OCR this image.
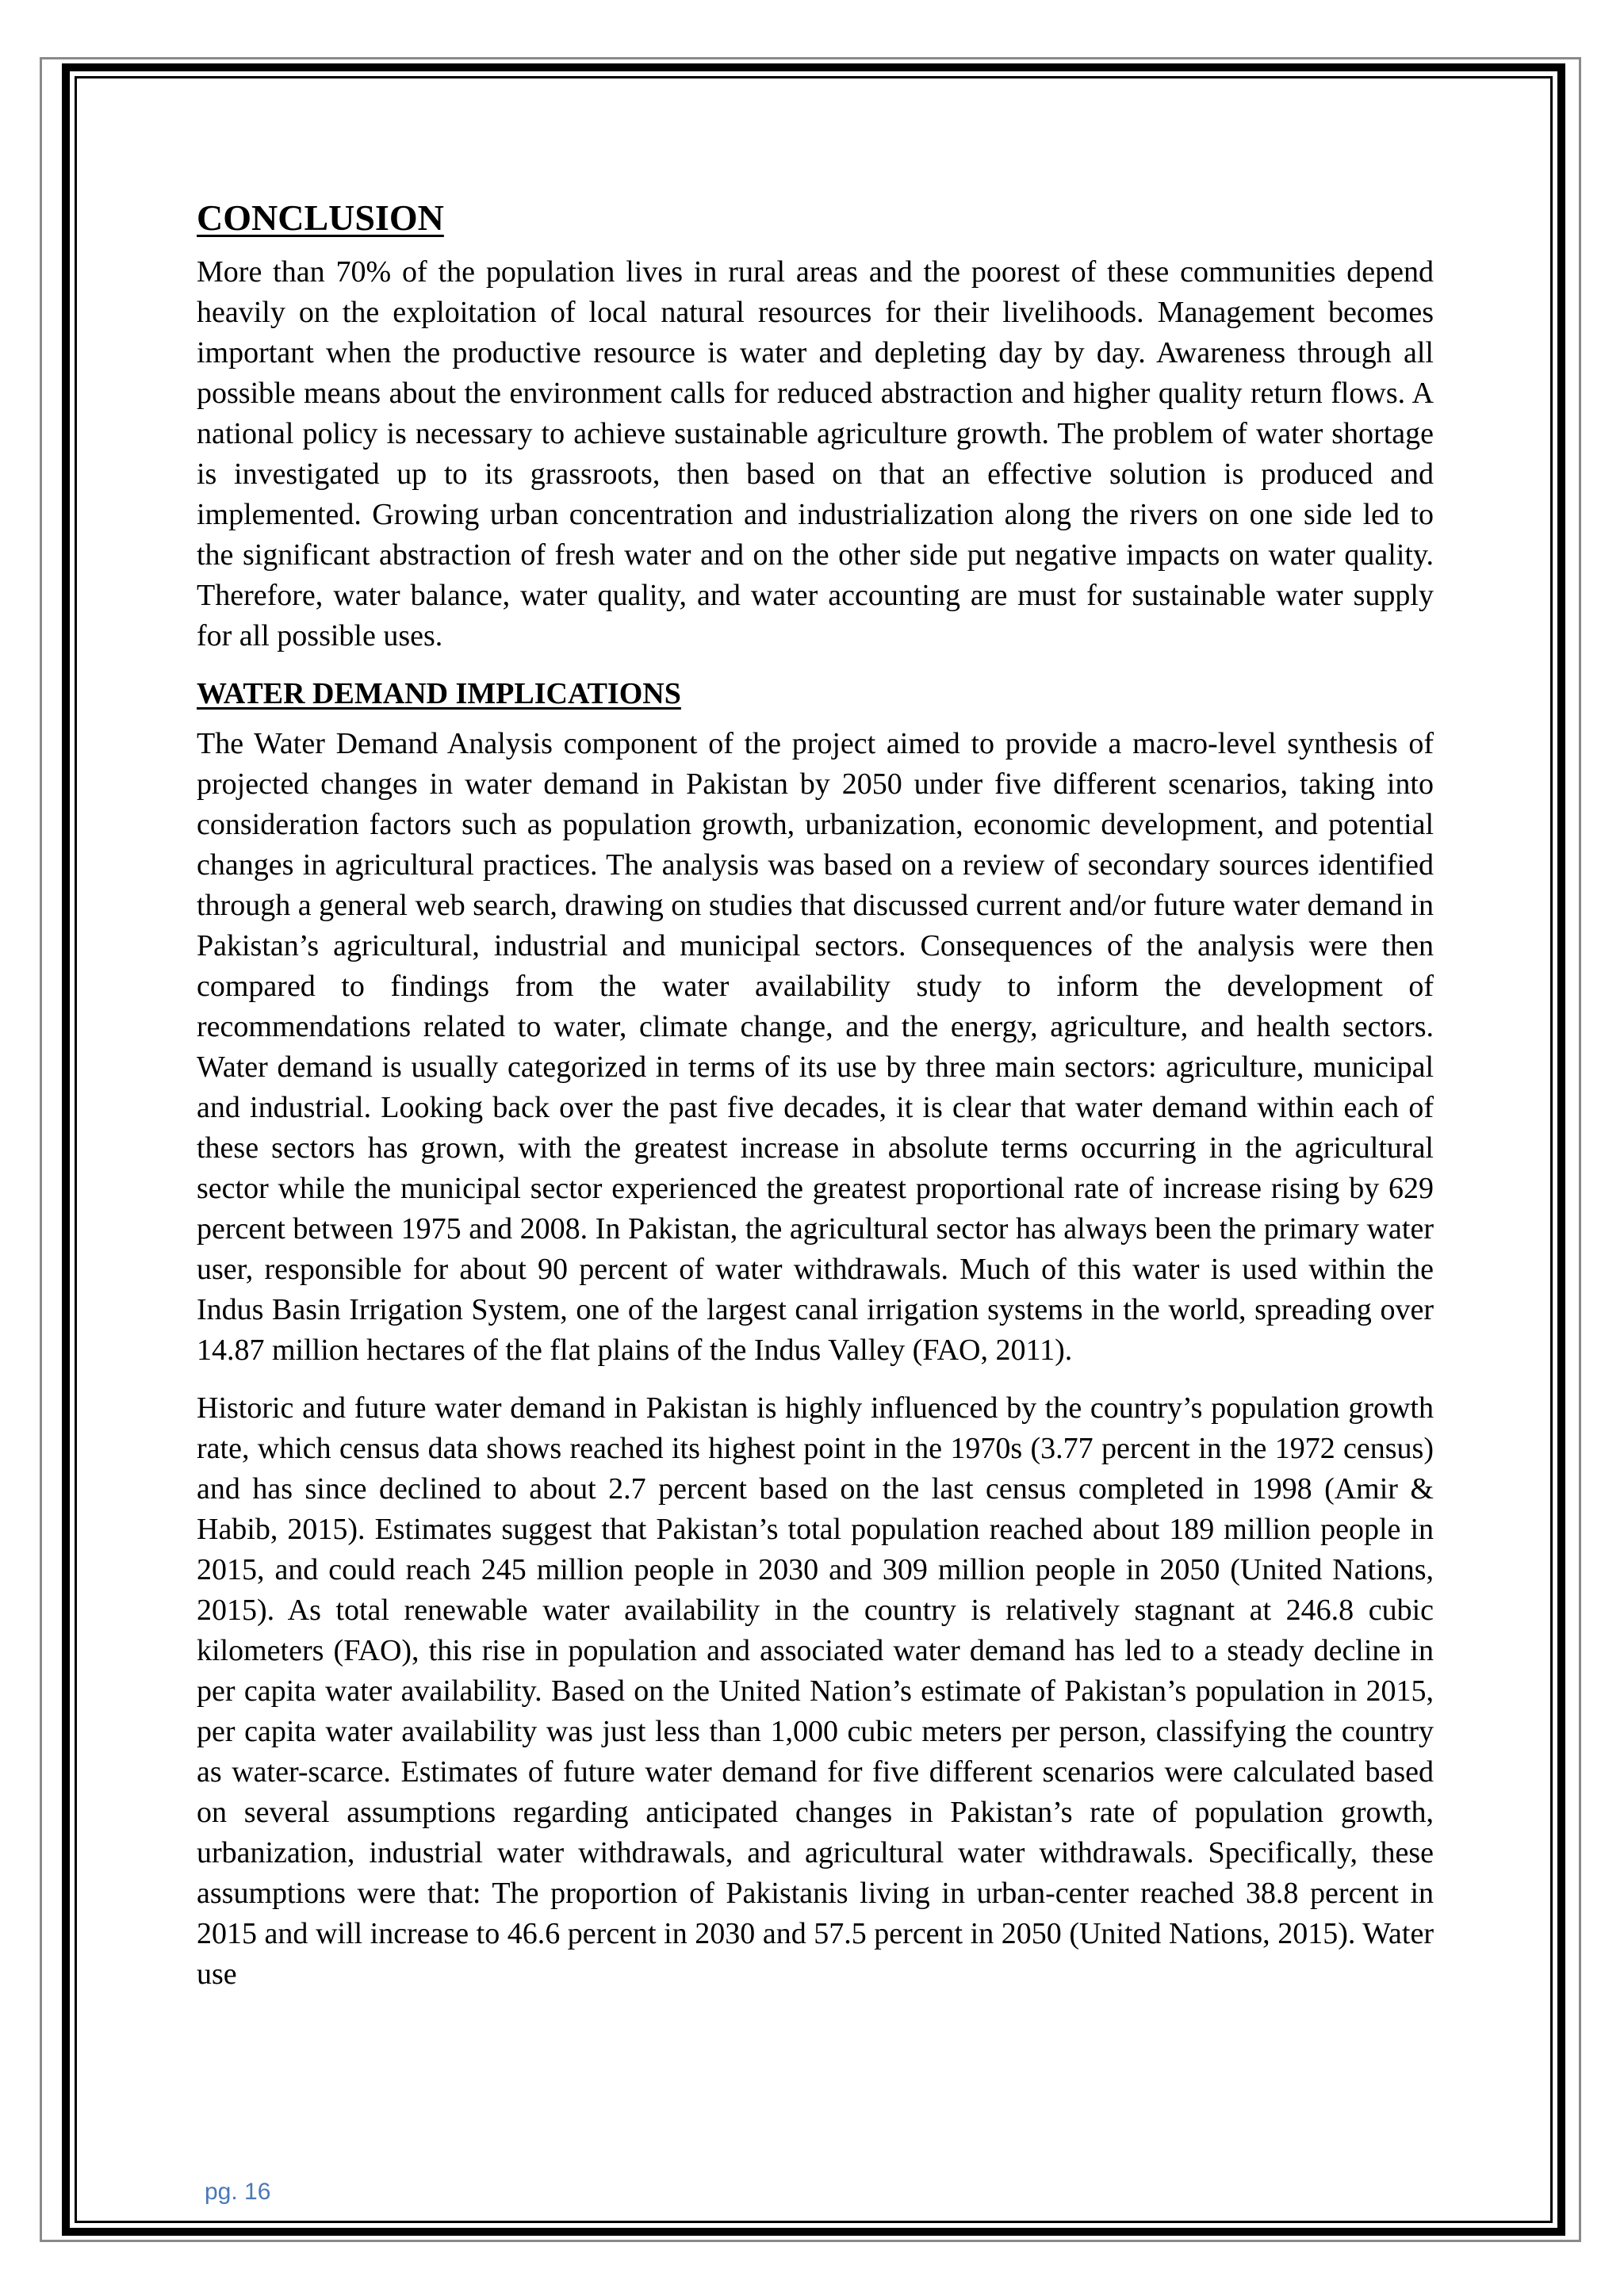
CONCLUSION

More than 70% of the population lives in rural areas and the poorest of these communities depend heavily on the exploitation of local natural resources for their livelihoods. Management becomes important when the productive resource is water and depleting day by day. Awareness through all possible means about the environment calls for reduced abstraction and higher quality return flows. A national policy is necessary to achieve sustainable agriculture growth. The problem of water shortage is investigated up to its grassroots, then based on that an effective solution is produced and implemented. Growing urban concentration and industrialization along the rivers on one side led to the significant abstraction of fresh water and on the other side put negative impacts on water quality. Therefore, water balance, water quality, and water accounting are must for sustainable water supply for all possible uses.

WATER DEMAND IMPLICATIONS

The Water Demand Analysis component of the project aimed to provide a macro-level synthesis of projected changes in water demand in Pakistan by 2050 under five different scenarios, taking into consideration factors such as population growth, urbanization, economic development, and potential changes in agricultural practices. The analysis was based on a review of secondary sources identified through a general web search, drawing on studies that discussed current and/or future water demand in Pakistan’s agricultural, industrial and municipal sectors. Consequences of the analysis were then compared to findings from the water availability study to inform the development of recommendations related to water, climate change, and the energy, agriculture, and health sectors. Water demand is usually categorized in terms of its use by three main sectors: agriculture, municipal and industrial. Looking back over the past five decades, it is clear that water demand within each of these sectors has grown, with the greatest increase in absolute terms occurring in the agricultural sector while the municipal sector experienced the greatest proportional rate of increase rising by 629 percent between 1975 and 2008. In Pakistan, the agricultural sector has always been the primary water user, responsible for about 90 percent of water withdrawals. Much of this water is used within the Indus Basin Irrigation System, one of the largest canal irrigation systems in the world, spreading over 14.87 million hectares of the flat plains of the Indus Valley (FAO, 2011).

Historic and future water demand in Pakistan is highly influenced by the country’s population growth rate, which census data shows reached its highest point in the 1970s (3.77 percent in the 1972 census) and has since declined to about 2.7 percent based on the last census completed in 1998 (Amir & Habib, 2015). Estimates suggest that Pakistan’s total population reached about 189 million people in 2015, and could reach 245 million people in 2030 and 309 million people in 2050 (United Nations, 2015). As total renewable water availability in the country is relatively stagnant at 246.8 cubic kilometers (FAO), this rise in population and associated water demand has led to a steady decline in per capita water availability. Based on the United Nation’s estimate of Pakistan’s population in 2015, per capita water availability was just less than 1,000 cubic meters per person, classifying the country as water-scarce. Estimates of future water demand for five different scenarios were calculated based on several assumptions regarding anticipated changes in Pakistan’s rate of population growth, urbanization, industrial water withdrawals, and agricultural water withdrawals. Specifically, these assumptions were that: The proportion of Pakistanis living in urban-center reached 38.8 percent in 2015 and will increase to 46.6 percent in 2030 and 57.5 percent in 2050 (United Nations, 2015). Water use

pg. 16
